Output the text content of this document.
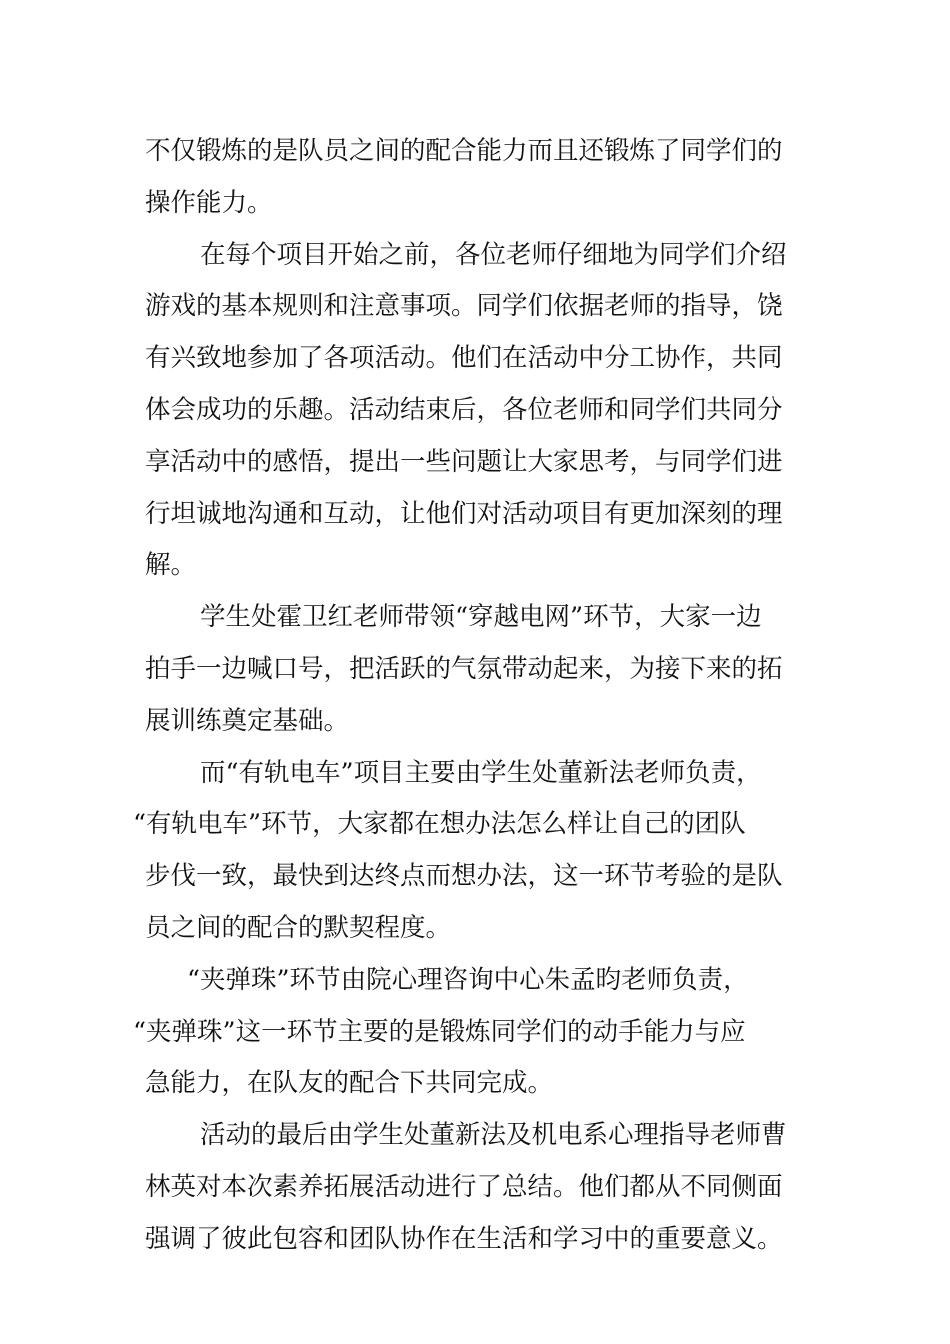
不仅锻炼的是队员之间的配合能力而且还锻炼了同学们的
操作能力。
在每个项目开始之前，各位老师仔细地为同学们介绍
游戏的基本规则和注意事项。同学们依据老师的指导，饶
有兴致地参加了各项活动。他们在活动中分工协作，共同
体会成功的乐趣。活动结束后，各位老师和同学们共同分
享活动中的感悟，提出一些问题让大家思考，与同学们进
行坦诚地沟通和互动，让他们对活动项目有更加深刻的理
解。
学生处霍卫红老师带领“穿越电网”环节，大家一边
拍手一边喊口号，把活跃的气氛带动起来，为接下来的拓
展训练奠定基础。
而“有轨电车”项目主要由学生处董新法老师负责，
“有轨电车”环节，大家都在想办法怎么样让自己的团队
步伐一致，最快到达终点而想办法，这一环节考验的是队
员之间的配合的默契程度。
“夹弹珠”环节由院心理咨询中心朱孟昀老师负责，
“夹弹珠”这一环节主要的是锻炼同学们的动手能力与应
急能力，在队友的配合下共同完成。
活动的最后由学生处董新法及机电系心理指导老师曹
林英对本次素养拓展活动进行了总结。他们都从不同侧面
强调了彼此包容和团队协作在生活和学习中的重要意义。
